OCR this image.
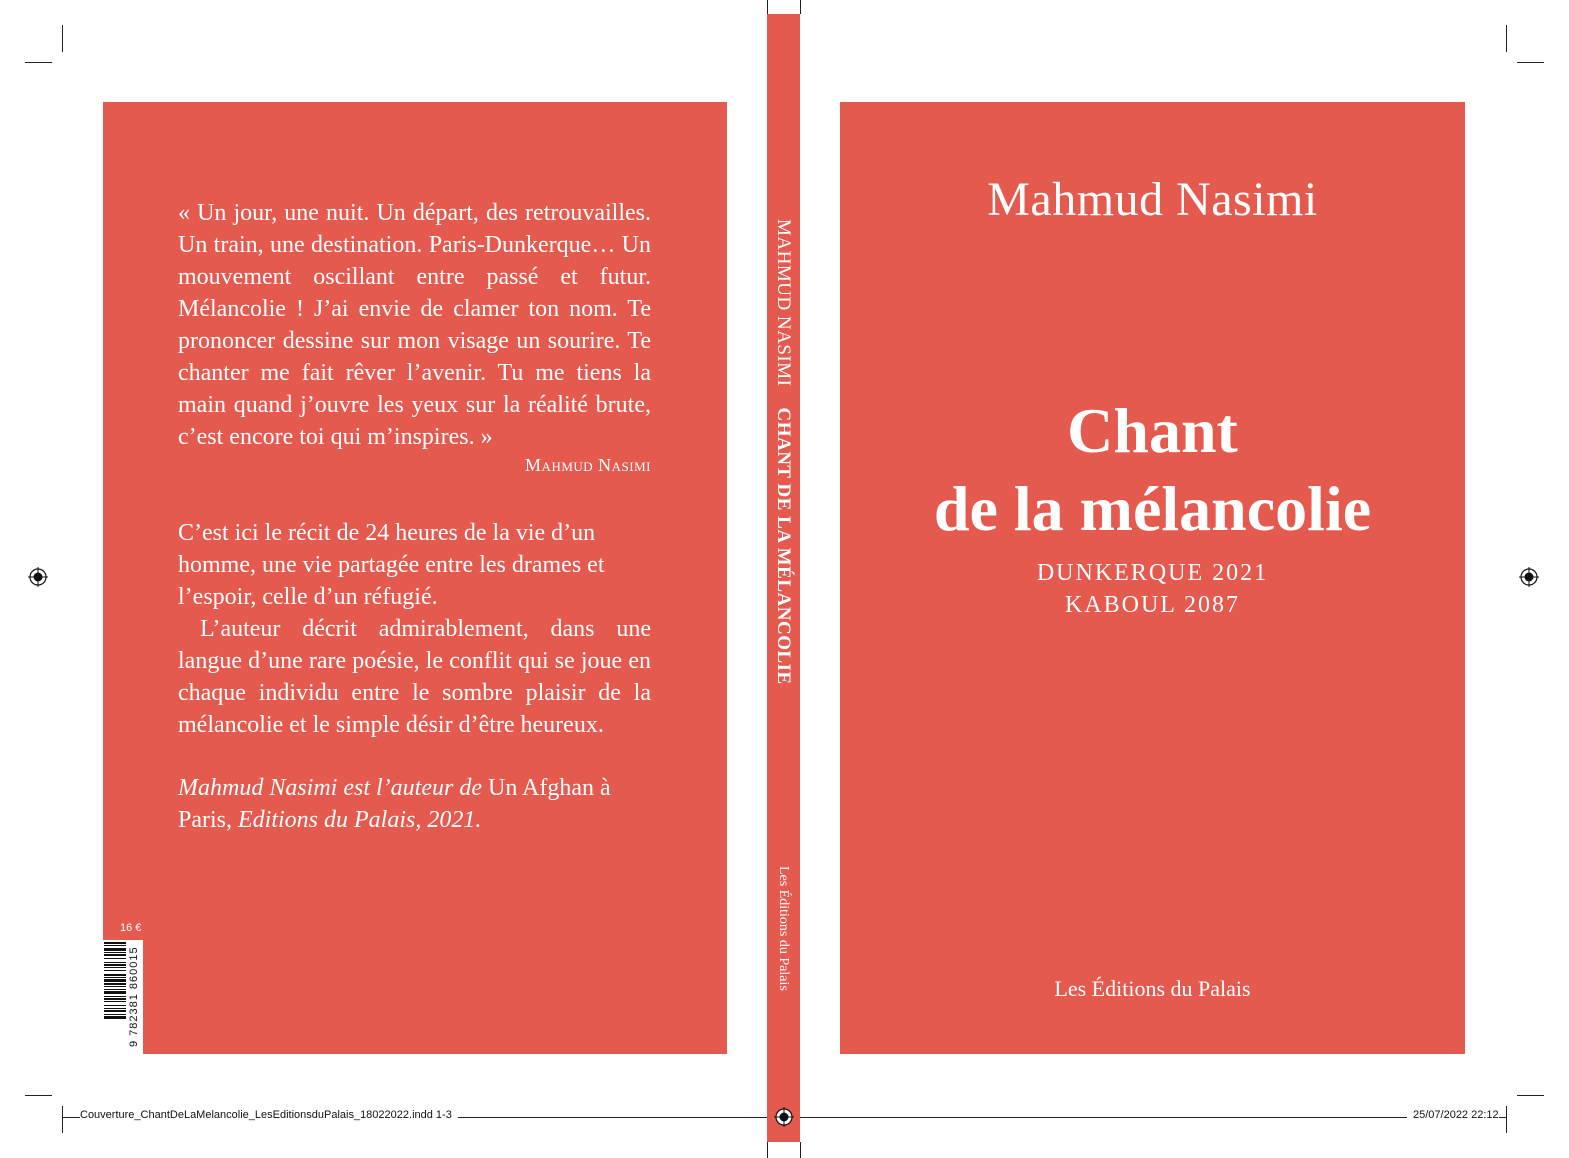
« Un jour, une nuit. Un départ, des retrouvailles. Un train, une destination. Paris-Dunkerque… Un mouvement oscillant entre passé et futur. Mélancolie ! J’ai envie de clamer ton nom. Te prononcer dessine sur mon visage un sourire. Te chanter me fait rêver l’avenir. Tu me tiens la main quand j’ouvre les yeux sur la réalité brute, c’est encore toi qui m’inspires. »
Mahmud Nasimi

C’est ici le récit de 24 heures de la vie d’un homme, une vie partagée entre les drames et l’espoir, celle d’un réfugié.

L’auteur décrit admirablement, dans une langue d’une rare poésie, le conflit qui se joue en chaque individu entre le sombre plaisir de la mélancolie et le simple désir d’être heureux.

Mahmud Nasimi est l’auteur de Un Afghan à Paris, Editions du Palais, 2021.
16 €
9 782381 860015
MAHMUD NASIMI    CHANT DE LA MÉLANCOLIE
Les Éditions du Palais
Mahmud Nasimi
Chant
de la mélancolie
DUNKERQUE 2021
KABOUL 2087
Les Éditions du Palais
Couverture_ChantDeLaMelancolie_LesEditionsduPalais_18022022.indd 1-3	25/07/2022 22:12
